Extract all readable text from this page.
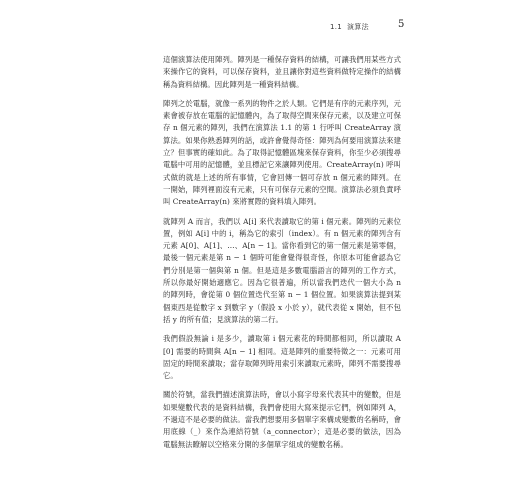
1.1 演算法	5

這個演算法使用陣列。陣列是一種保存資料的結構，可讓我們用某些方式來操作它的資料，可以保存資料，並且讓你對這些資料做特定操作的結構稱為資料結構。因此陣列是一種資料結構。

陣列之於電腦，就像一系列的物件之於人類。它們是有序的元素序列，元素會被存放在電腦的記憶體內，為了取得空間來保存元素，以及建立可保存 n 個元素的陣列，我們在演算法 1.1 的第 1 行呼叫 CreateArray 演算法。如果你熟悉陣列的話，或許會覺得奇怪：陣列為何要用演算法來建立？但事實的確如此。為了取得記憶體區塊來保存資料，你至少必須搜尋電腦中可用的記憶體，並且標記它來讓陣列使用。CreateArray(n) 呼叫式做的就是上述的所有事情，它會回傳一個可存放 n 個元素的陣列。在一開始，陣列裡面沒有元素，只有可保存元素的空間。演算法必須負責呼叫 CreateArray(n) 來將實際的資料填入陣列。

就陣列 A 而言，我們以 A[i] 來代表讀取它的第 i 個元素。陣列的元素位置，例如 A[i] 中的 i，稱為它的索引（index）。有 n 個元素的陣列含有元素 A[0]、A[1]、…、A[n − 1]。當你看到它的第一個元素是第零個，最後一個元素是第 n − 1 個時可能會覺得很奇怪，你原本可能會認為它們分別是第一個與第 n 個。但是這是多數電腦語言的陣列的工作方式，所以你最好開始適應它。因為它很普遍，所以當我們迭代一個大小為 n 的陣列時，會從第 0 個位置迭代至第 n − 1 個位置。如果演算法提到某個東西是從數字 x 到數字 y（假設 x 小於 y），就代表從 x 開始，但不包括 y 的所有值；見演算法的第二行。

我們假設無論 i 是多少，讀取第 i 個元素花的時間都相同，所以讀取 A[0] 需要的時間與 A[n − 1] 相同。這是陣列的重要特徵之一：元素可用固定的時間來讀取；當存取陣列時用索引來讀取元素時，陣列不需要搜尋它。

關於符號，當我們描述演算法時，會以小寫字母來代表其中的變數，但是如果變數代表的是資料結構，我們會使用大寫來提示它們，例如陣列 A，不過這不是必要的做法。當我們想要用多個單字來構成變數的名稱時，會用底線（_）來作為連結符號（a_connector）；這是必要的做法，因為電腦無法瞭解以空格來分開的多個單字組成的變數名稱。
